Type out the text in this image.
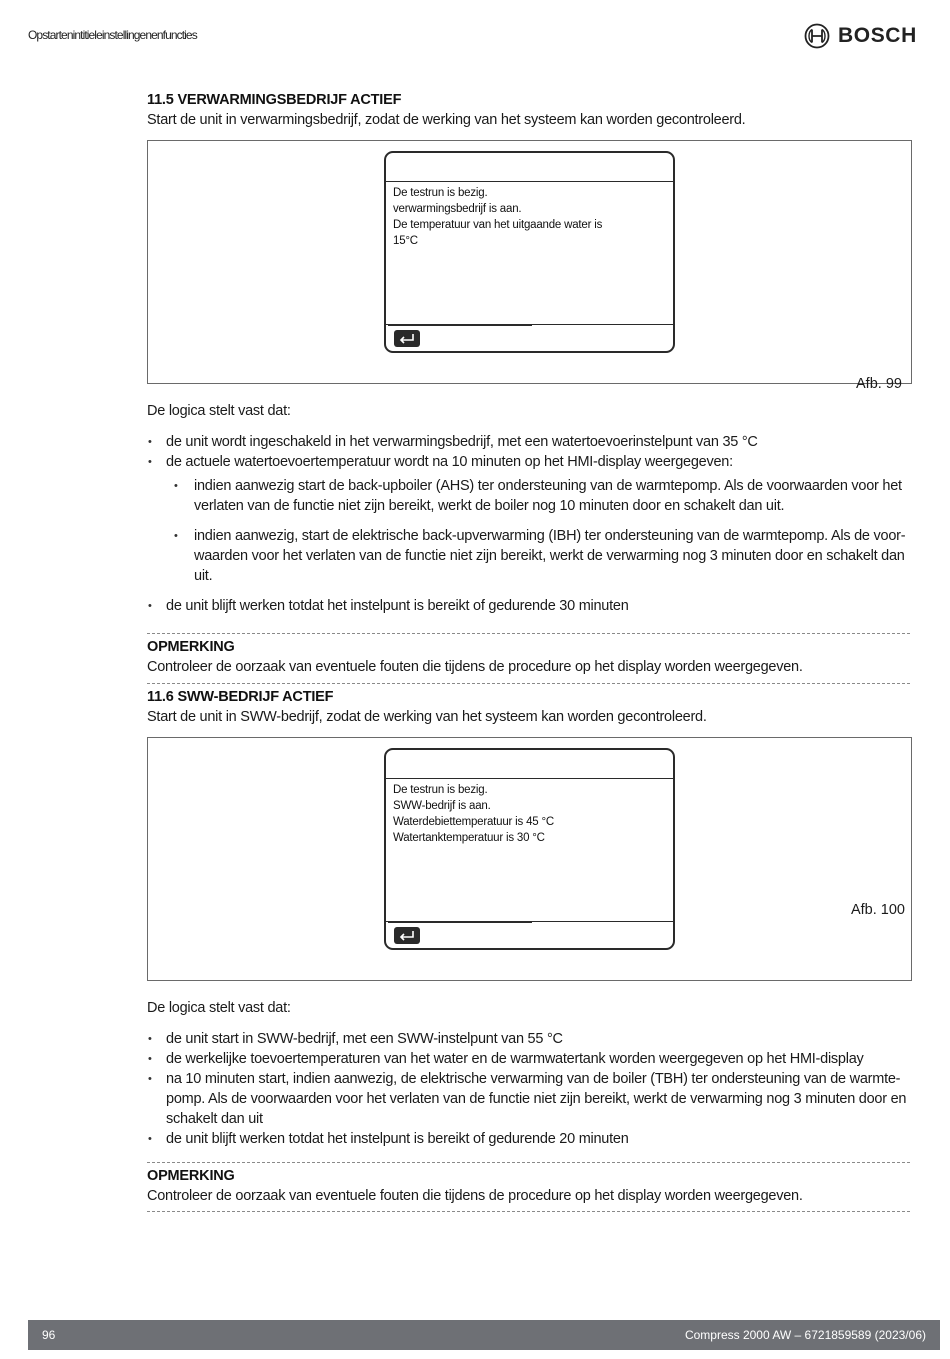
Opstartenintitieleinstellingenenfuncties	BOSCH
11.5 VERWARMINGSBEDRIJF ACTIEF
Start de unit in verwarmingsbedrijf, zodat de werking van het systeem kan worden gecontroleerd.
De testrun is bezig.
verwarmingsbedrijf is aan.
De temperatuur van het uitgaande water is
15°C
Afb. 99
De logica stelt vast dat:
• de unit wordt ingeschakeld in het verwarmingsbedrijf, met een watertoevoerinstelpunt van 35 °C
• de actuele watertoevoertemperatuur wordt na 10 minuten op het HMI-display weergegeven:
• indien aanwezig start de back-upboiler (AHS) ter ondersteuning van de warmtepomp. Als de voorwaarden voor het verlaten van de functie niet zijn bereikt, werkt de boiler nog 10 minuten door en schakelt dan uit.
• indien aanwezig, start de elektrische back-upverwarming (IBH) ter ondersteuning van de warmtepomp. Als de voor-waarden voor het verlaten van de functie niet zijn bereikt, werkt de verwarming nog 3 minuten door en schakelt dan uit.
• de unit blijft werken totdat het instelpunt is bereikt of gedurende 30 minuten
OPMERKING
Controleer de oorzaak van eventuele fouten die tijdens de procedure op het display worden weergegeven.
11.6 SWW-BEDRIJF ACTIEF
Start de unit in SWW-bedrijf, zodat de werking van het systeem kan worden gecontroleerd.
De testrun is bezig.
SWW-bedrijf is aan.
Waterdebiettemperatuur is 45 °C
Watertanktemperatuur is 30 °C
Afb. 100
De logica stelt vast dat:
• de unit start in SWW-bedrijf, met een SWW-instelpunt van 55 °C
• de werkelijke toevoertemperaturen van het water en de warmwatertank worden weergegeven op het HMI-display
• na 10 minuten start, indien aanwezig, de elektrische verwarming van de boiler (TBH) ter ondersteuning van de warmte-pomp. Als de voorwaarden voor het verlaten van de functie niet zijn bereikt, werkt de verwarming nog 3 minuten door en schakelt dan uit
• de unit blijft werken totdat het instelpunt is bereikt of gedurende 20 minuten
OPMERKING
Controleer de oorzaak van eventuele fouten die tijdens de procedure op het display worden weergegeven.
96	Compress 2000 AW – 6721859589 (2023/06)
